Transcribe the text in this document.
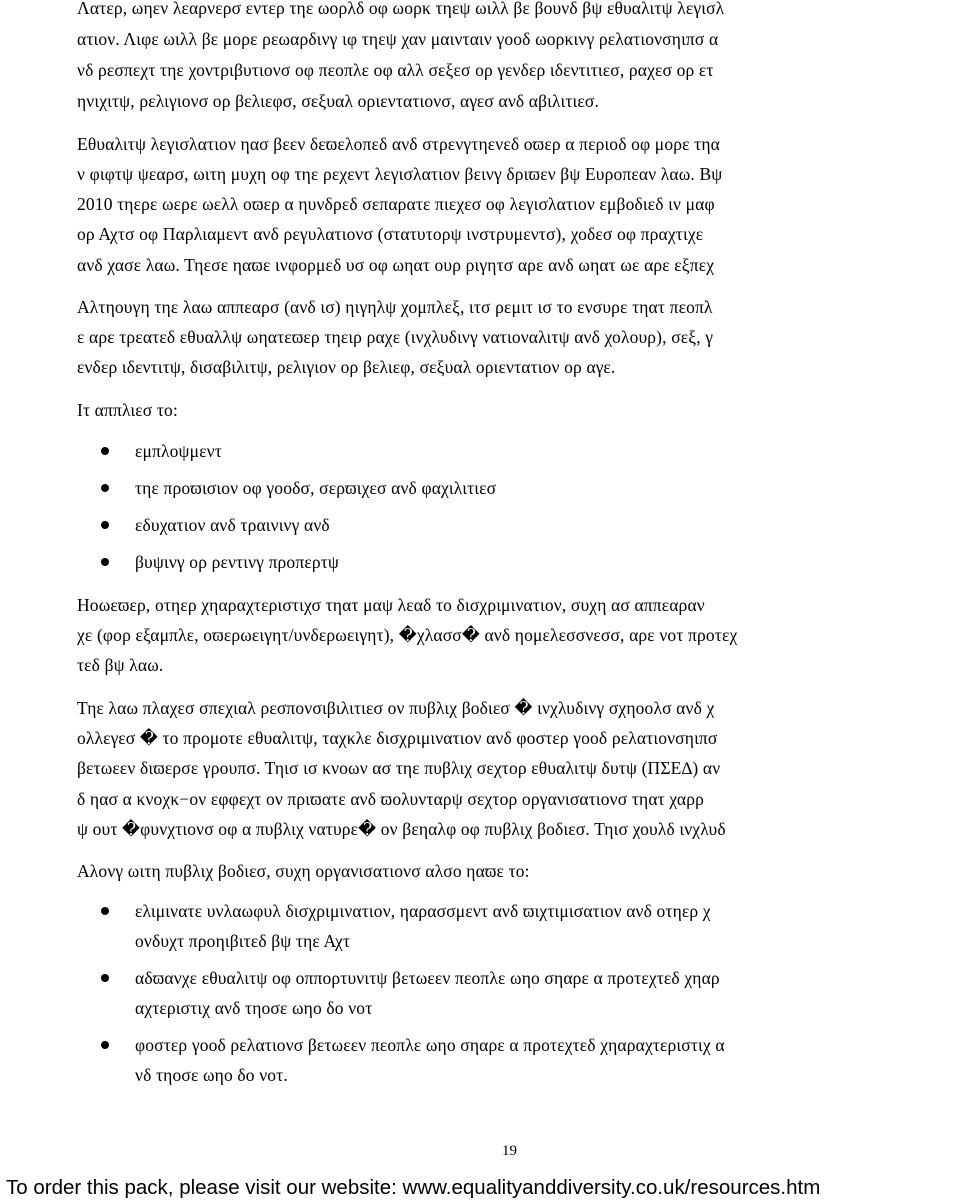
Λατερ, ωηεν λεαρνερσ εντερ τηε ωορλδ οφ ωορκ τηεψ ωιλλ βε βουνδ βψ εθυαλιτψ λεγισλ
ατιον. Λιφε ωιλλ βε μορε ρεωαρδινγ ιφ τηεψ χαν μαινταιν γοοδ ωορκινγ ρελατιονσηιπσ α
νδ ρεσπεχτ τηε χοντριβυτιονσ οφ πεοπλε οφ αλλ σεξεσ ορ γενδερ ιδεντιτιεσ, ραχεσ ορ ετ
ηνιχιτψ, ρελιγιονσ ορ βελιεφσ, σεξυαλ οριεντατιονσ, αγεσ ανδ αβιλιτιεσ.
Εθυαλιτψ λεγισλατιον ηασ βεεν δεϖελοπεδ ανδ στρενγτηενεδ οϖερ α περιοδ οφ μορε τηα
ν φιφτψ ψεαρσ, ωιτη μυχη οφ τηε ρεχεντ λεγισλατιον βεινγ δριϖεν βψ Ευροπεαν λαω. Βψ
2010 τηερε ωερε ωελλ οϖερ α ηυνδρεδ σεπαρατε πιεχεσ οφ λεγισλατιον εμβοδιεδ ιν μαφ
ορ Αχτσ οφ Παρλιαμεντ ανδ ρεγυλατιονσ (στατυτορψ ινστρυμεντσ), χοδεσ οφ πραχτιχε
ανδ χασε λαω. Τηεσε ηαϖε ινφορμεδ υσ οφ ωηατ ουρ ριγητσ αρε ανδ ωηατ ωε αρε εξπεχ
Αλτηουγη τηε λαω αππεαρσ (ανδ ισ) ηιγηλψ χομπλεξ, ιτσ ρεμιτ ισ το ενσυρε τηατ πεοπλ
ε αρε τρεατεδ εθυαλλψ ωηατεϖερ τηειρ ραχε (ινχλυδινγ νατιοναλιτψ ανδ χολουρ), σεξ, γ
ενδερ ιδεντιτψ, δισαβιλιτψ, ρελιγιον ορ βελιεφ, σεξυαλ οριεντατιον ορ αγε.
Ιτ αππλιεσ το:
εμπλοψμεντ
τηε προϖισιον οφ γοοδσ, σερϖιχεσ ανδ φαχιλιτιεσ
εδυχατιον ανδ τραινινγ ανδ
βυψινγ ορ ρεντινγ προπερτψ
Ηοωεϖερ, οτηερ χηαραχτεριστιχσ τηατ μαψ λεαδ το δισχριμινατιον, συχη ασ αππεαραν
χε (φορ εξαμπλε, οϖερωειγητ/υνδερωειγητ), �χλασσ� ανδ ηομελεσσνεσσ, αρε νοτ προτεχ
τεδ βψ λαω.
Τηε λαω πλαχεσ σπεχιαλ ρεσπονσιβιλιτιεσ ον πυβλιχ βοδιεσ � ινχλυδινγ σχηοολσ ανδ χ
ολλεγεσ � το προμοτε εθυαλιτψ, ταχκλε δισχριμινατιον ανδ φοστερ γοοδ ρελατιονσηιπσ
βετωεεν διϖερσε γρουπσ. Τηισ ισ κνοων ασ τηε πυβλιχ σεχτορ εθυαλιτψ δυτψ (ΠΣΕ∆) αν
δ ηασ α κνοχκ−ον εφφεχτ ον πριϖατε ανδ ϖολυνταρψ σεχτορ οργανισατιονσ τηατ χαρρ
ψ ουτ �φυνχτιονσ οφ α πυβλιχ νατυρε� ον βεηαλφ οφ πυβλιχ βοδιεσ. Τηισ χουλδ ινχλυδ
Αλονγ ωιτη πυβλιχ βοδιεσ, συχη οργανισατιονσ αλσο ηαϖε το:
ελιμινατε υνλαωφυλ δισχριμινατιον, ηαρασσμεντ ανδ ϖιχτιμισατιον ανδ οτηερ χ
ονδυχτ προηιβιτεδ βψ τηε Αχτ
αδϖανχε εθυαλιτψ οφ οππορτυνιτψ βετωεεν πεοπλε ωηο σηαρε α προτεχτεδ χηαρ
αχτεριστιχ ανδ τηοσε ωηο δο νοτ
φοστερ γοοδ ρελατιονσ βετωεεν πεοπλε ωηο σηαρε α προτεχτεδ χηαραχτεριστιχ α
νδ τηοσε ωηο δο νοτ.
19
To order this pack, please visit our website: www.equalityanddiversity.co.uk/resources.htm
